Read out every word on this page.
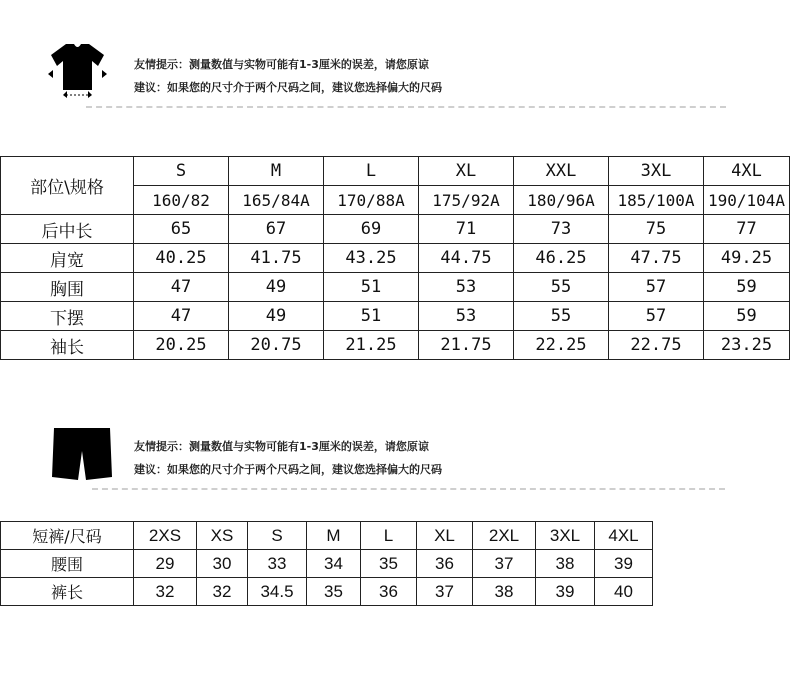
友情提示：测量数值与实物可能有1-3厘米的误差，请您原谅
建议：如果您的尺寸介于两个尺码之间，建议您选择偏大的尺码
部位\规格	S	M	L	XL	XXL	3XL	4XL
	160/82	165/84A	170/88A	175/92A	180/96A	185/100A	190/104A
后中长	65	67	69	71	73	75	77
肩宽	40.25	41.75	43.25	44.75	46.25	47.75	49.25
胸围	47	49	51	53	55	57	59
下摆	47	49	51	53	55	57	59
袖长	20.25	20.75	21.25	21.75	22.25	22.75	23.25
友情提示：测量数值与实物可能有1-3厘米的误差，请您原谅
建议：如果您的尺寸介于两个尺码之间，建议您选择偏大的尺码
短裤/尺码	2XS	XS	S	M	L	XL	2XL	3XL	4XL
腰围	29	30	33	34	35	36	37	38	39
裤长	32	32	34.5	35	36	37	38	39	40
